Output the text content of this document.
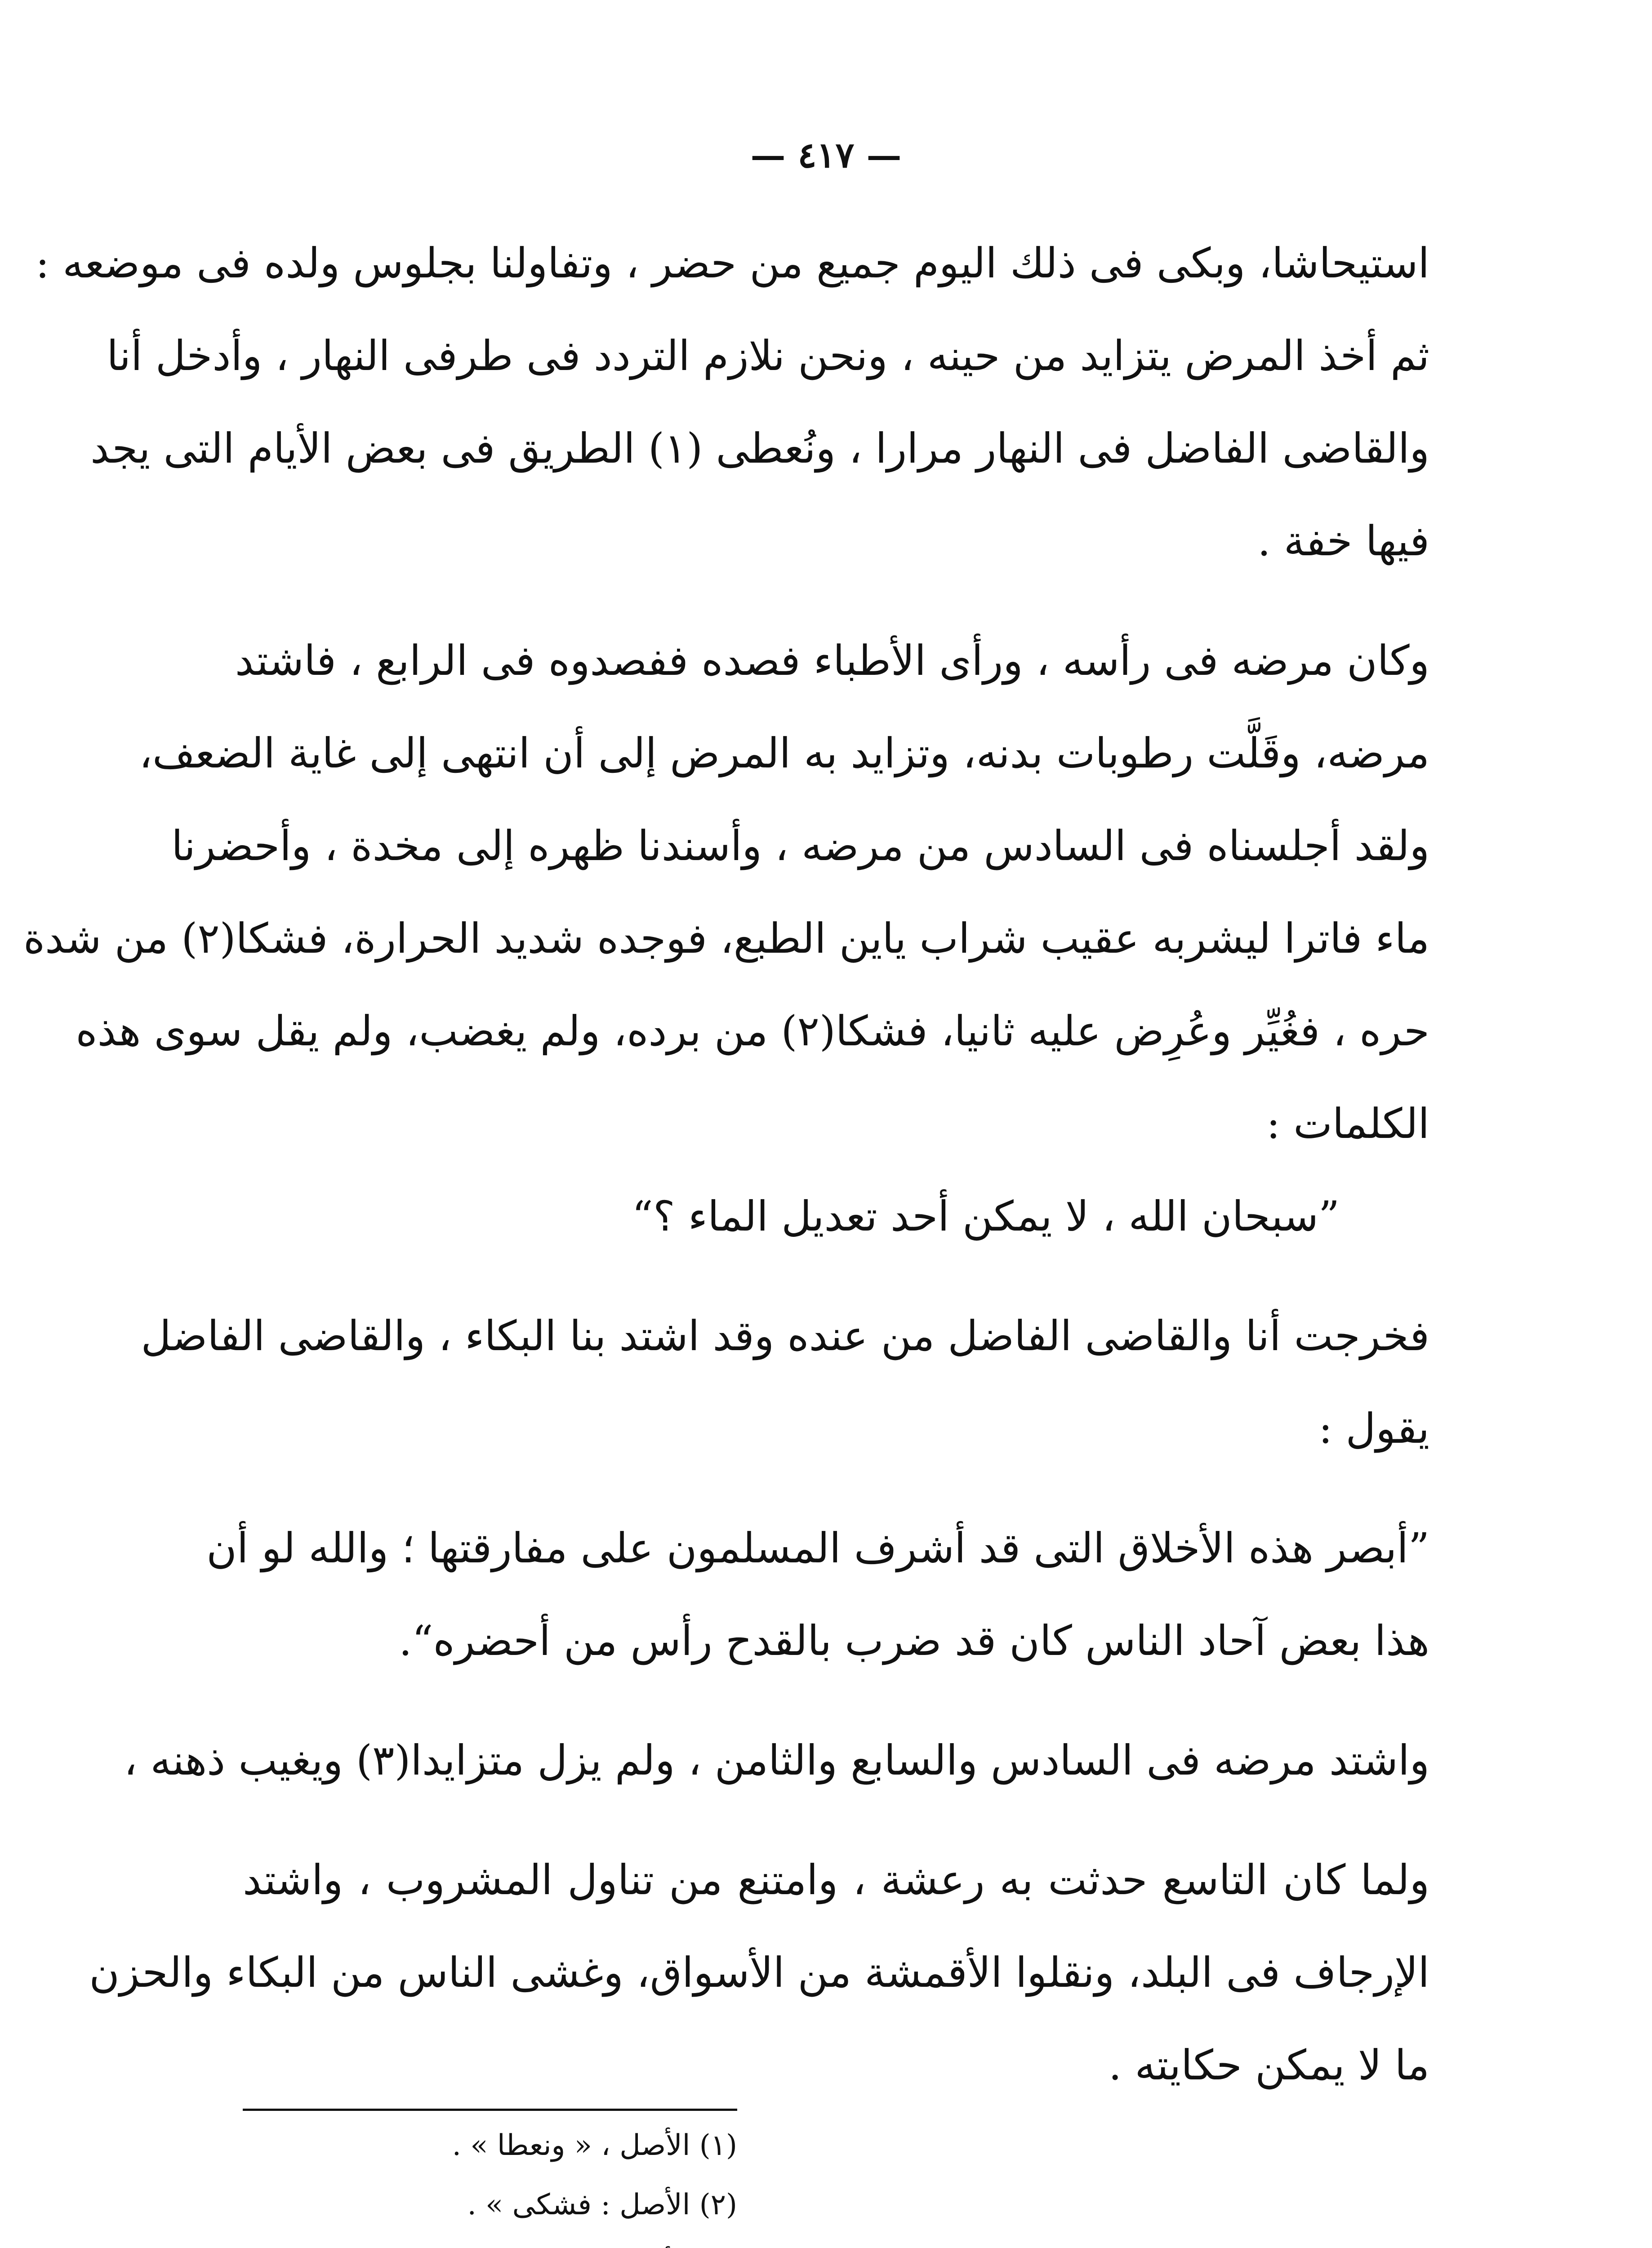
— ٤١٧ —
استيحاشا، وبكى فى ذلك اليوم جميع من حضر ، وتفاولنا بجلوس ولده فى موضعه :
ثم أخذ المرض يتزايد من حينه ، ونحن نلازم التردد فى طرفى النهار ، وأدخل أنا
والقاضى الفاضل فى النهار مرارا ، ونُعطى (١) الطريق فى بعض الأيام التى يجد
فيها خفة .
وكان مرضه فى رأسه ، ورأى الأطباء فصده ففصدوه فى الرابع ، فاشتد
مرضه، وقَلَّت رطوبات بدنه، وتزايد به المرض إلى أن انتهى إلى غاية الضعف،
ولقد أجلسناه فى السادس من مرضه ، وأسندنا ظهره إلى مخدة ، وأحضرنا
ماء فاترا ليشربه عقيب شراب ياين الطبع، فوجده شديد الحرارة، فشكا(٢) من شدة
حره ، فغُيِّر وعُرِض عليه ثانيا، فشكا(٢) من برده، ولم يغضب، ولم يقل سوى هذه
الكلمات :
”سبحان الله ، لا يمكن أحد تعديل الماء ؟“
فخرجت أنا والقاضى الفاضل من عنده وقد اشتد بنا البكاء ، والقاضى الفاضل
يقول :
”أبصر هذه الأخلاق التى قد أشرف المسلمون على مفارقتها ؛ والله لو أن
هذا بعض آحاد الناس كان قد ضرب بالقدح رأس من أحضره“.
واشتد مرضه فى السادس والسابع والثامن ، ولم يزل متزايدا(٣) ويغيب ذهنه ،
ولما كان التاسع حدثت به رعشة ، وامتنع من تناول المشروب ، واشتد
الإرجاف فى البلد، ونقلوا الأقمشة من الأسواق، وغشى الناس من البكاء والحزن
ما لا يمكن حكايته .
(١) الأصل ، « ونعطا » .
(٢) الأصل : فشكى » .
